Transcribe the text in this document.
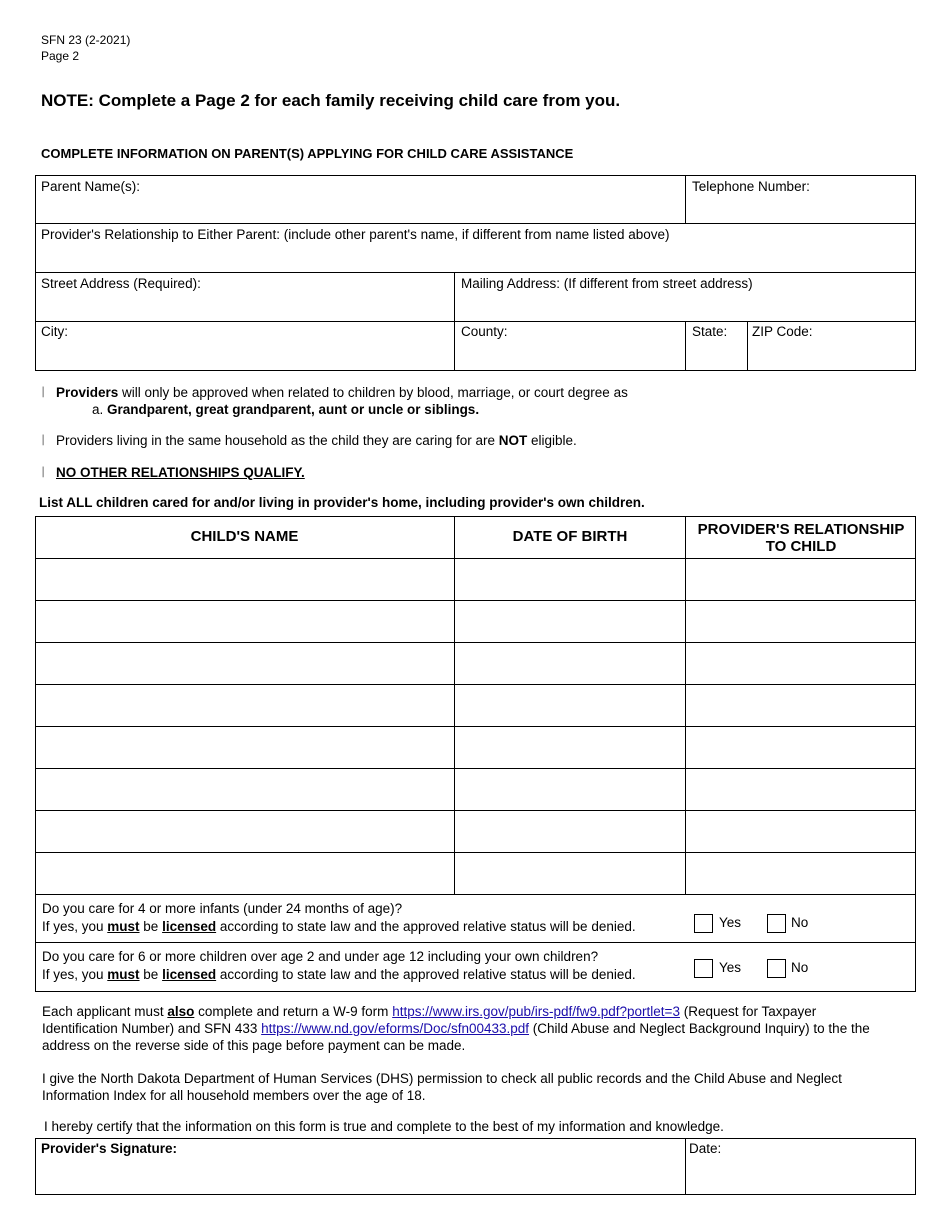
SFN 23 (2-2021)
Page 2
NOTE: Complete a Page 2 for each family receiving child care from you.
COMPLETE INFORMATION ON PARENT(S) APPLYING FOR CHILD CARE ASSISTANCE
Parent Name(s):	Telephone Number:
Provider's Relationship to Either Parent: (include other parent's name, if different from name listed above)
Street Address (Required):	Mailing Address: (If different from street address)
City:	County:	State:	ZIP Code:
⎢ Providers will only be approved when related to children by blood, marriage, or court degree as
a. Grandparent, great grandparent, aunt or uncle or siblings.
⎢ Providers living in the same household as the child they are caring for are NOT eligible.
⎢ NO OTHER RELATIONSHIPS QUALIFY.
List ALL children cared for and/or living in provider's home, including provider's own children.
CHILD'S NAME	DATE OF BIRTH	PROVIDER'S RELATIONSHIP
TO CHILD
Do you care for 4 or more infants (under 24 months of age)?
If yes, you must be licensed according to state law and the approved relative status will be denied.	Yes	No
Do you care for 6 or more children over age 2 and under age 12 including your own children?
If yes, you must be licensed according to state law and the approved relative status will be denied.	Yes	No
Each applicant must also complete and return a W-9 form https://www.irs.gov/pub/irs-pdf/fw9.pdf?portlet=3 (Request for Taxpayer Identification Number) and SFN 433 https://www.nd.gov/eforms/Doc/sfn00433.pdf (Child Abuse and Neglect Background Inquiry) to the the address on the reverse side of this page before payment can be made.
I give the North Dakota Department of Human Services (DHS) permission to check all public records and the Child Abuse and Neglect Information Index for all household members over the age of 18.
I hereby certify that the information on this form is true and complete to the best of my information and knowledge.
Provider's Signature:	Date:
